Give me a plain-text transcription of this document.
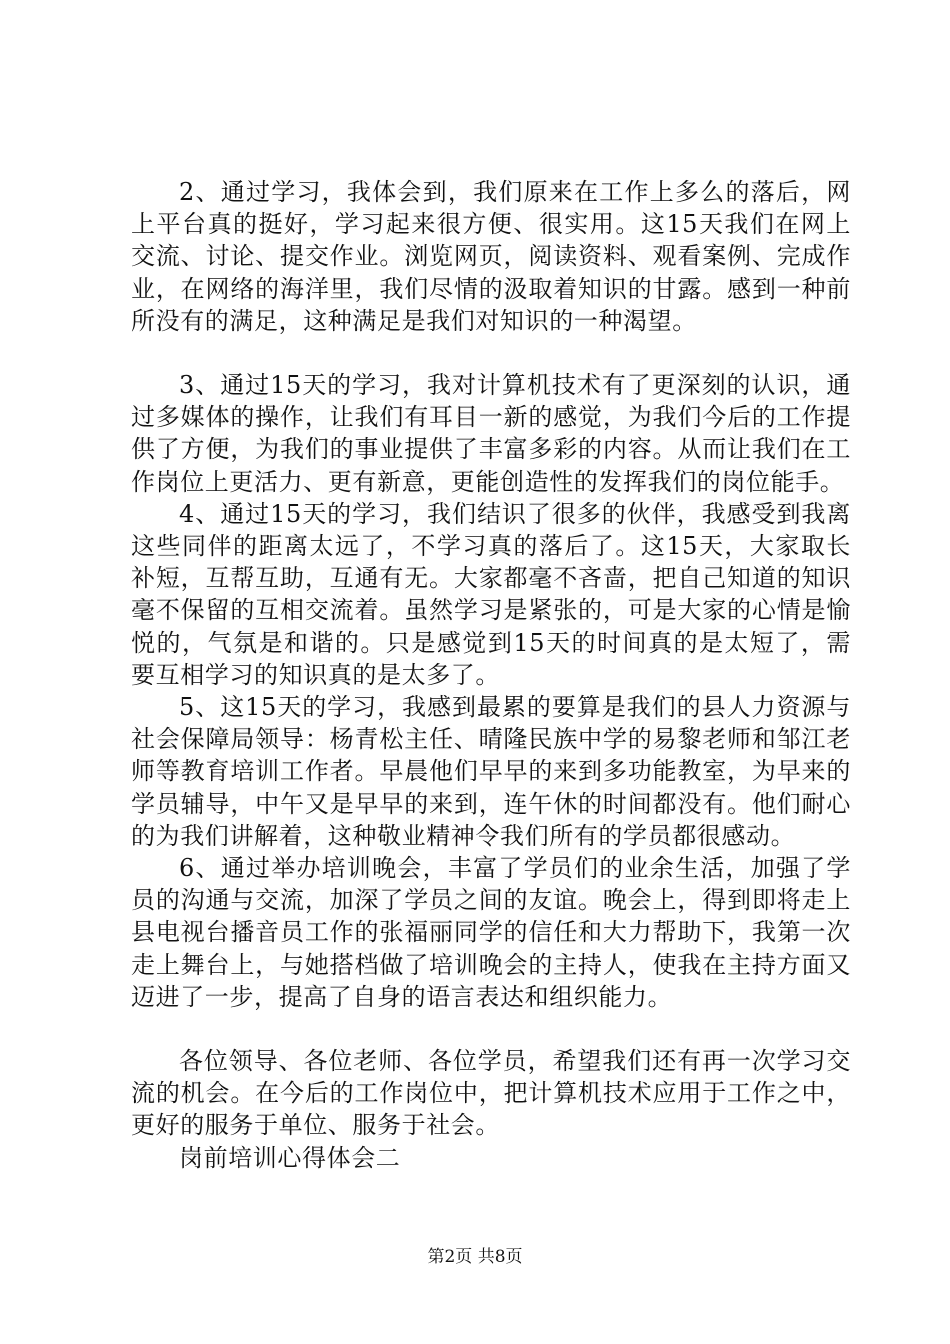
2、通过学习，我体会到，我们原来在工作上多么的落后，网上平台真的挺好，学习起来很方便、很实用。这15天我们在网上交流、讨论、提交作业。浏览网页，阅读资料、观看案例、完成作业，在网络的海洋里，我们尽情的汲取着知识的甘露。感到一种前所没有的满足，这种满足是我们对知识的一种渴望。

3、通过15天的学习，我对计算机技术有了更深刻的认识，通过多媒体的操作，让我们有耳目一新的感觉，为我们今后的工作提供了方便，为我们的事业提供了丰富多彩的内容。从而让我们在工作岗位上更活力、更有新意，更能创造性的发挥我们的岗位能手。

4、通过15天的学习，我们结识了很多的伙伴，我感受到我离这些同伴的距离太远了，不学习真的落后了。这15天，大家取长补短，互帮互助，互通有无。大家都毫不吝啬，把自己知道的知识毫不保留的互相交流着。虽然学习是紧张的，可是大家的心情是愉悦的，气氛是和谐的。只是感觉到15天的时间真的是太短了，需要互相学习的知识真的是太多了。

5、这15天的学习，我感到最累的要算是我们的县人力资源与社会保障局领导：杨青松主任、晴隆民族中学的易黎老师和邹江老师等教育培训工作者。早晨他们早早的来到多功能教室，为早来的学员辅导，中午又是早早的来到，连午休的时间都没有。他们耐心的为我们讲解着，这种敬业精神令我们所有的学员都很感动。

6、通过举办培训晚会，丰富了学员们的业余生活，加强了学员的沟通与交流，加深了学员之间的友谊。晚会上，得到即将走上县电视台播音员工作的张福丽同学的信任和大力帮助下，我第一次走上舞台上，与她搭档做了培训晚会的主持人，使我在主持方面又迈进了一步，提高了自身的语言表达和组织能力。

各位领导、各位老师、各位学员，希望我们还有再一次学习交流的机会。在今后的工作岗位中，把计算机技术应用于工作之中，更好的服务于单位、服务于社会。

岗前培训心得体会二

第2页 共8页
